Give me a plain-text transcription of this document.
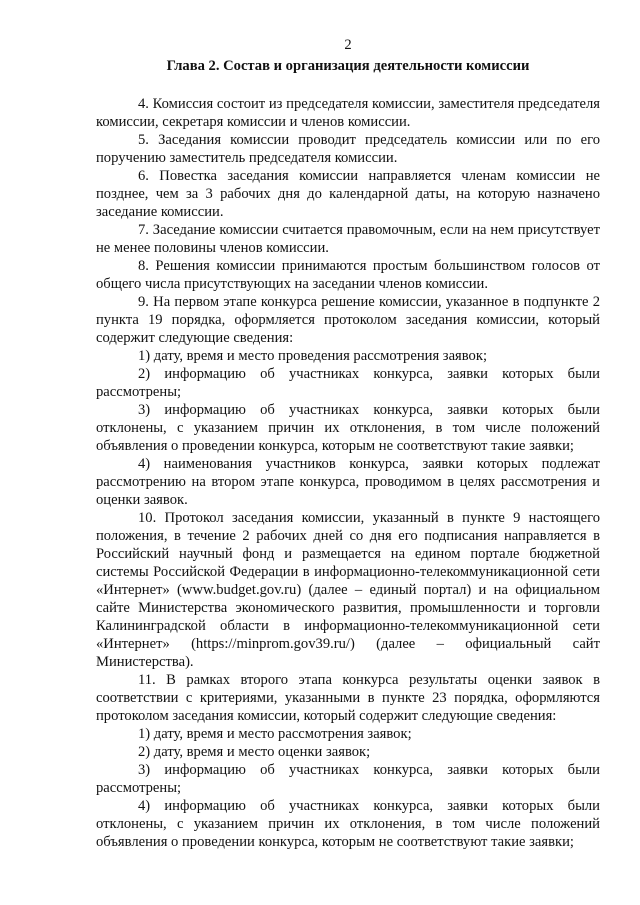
2
Глава 2. Состав и организация деятельности комиссии

4. Комиссия состоит из председателя комиссии, заместителя председателя комиссии, секретаря комиссии и членов комиссии.

5. Заседания комиссии проводит председатель комиссии или по его поручению заместитель председателя комиссии.

6. Повестка заседания комиссии направляется членам комиссии не позднее, чем за 3 рабочих дня до календарной даты, на которую назначено заседание комиссии.

7. Заседание комиссии считается правомочным, если на нем присутствует не менее половины членов комиссии.

8. Решения комиссии принимаются простым большинством голосов от общего числа присутствующих на заседании членов комиссии.

9. На первом этапе конкурса решение комиссии, указанное в подпункте 2 пункта 19 порядка, оформляется протоколом заседания комиссии, который содержит следующие сведения:

1) дату, время и место проведения рассмотрения заявок;

2) информацию об участниках конкурса, заявки которых были рассмотрены;

3) информацию об участниках конкурса, заявки которых были отклонены, с указанием причин их отклонения, в том числе положений объявления о проведении конкурса, которым не соответствуют такие заявки;

4) наименования участников конкурса, заявки которых подлежат рассмотрению на втором этапе конкурса, проводимом в целях рассмотрения и оценки заявок.

10. Протокол заседания комиссии, указанный в пункте 9 настоящего положения, в течение 2 рабочих дней со дня его подписания направляется в Российский научный фонд и размещается на едином портале бюджетной системы Российской Федерации в информационно-телекоммуникационной сети «Интернет» (www.budget.gov.ru) (далее – единый портал) и на официальном сайте Министерства экономического развития, промышленности и торговли Калининградской области в информационно-телекоммуникационной сети «Интернет» (https://minprom.gov39.ru/) (далее – официальный сайт Министерства).

11. В рамках второго этапа конкурса результаты оценки заявок в соответствии с критериями, указанными в пункте 23 порядка, оформляются протоколом заседания комиссии, который содержит следующие сведения:

1) дату, время и место рассмотрения заявок;

2) дату, время и место оценки заявок;

3) информацию об участниках конкурса, заявки которых были рассмотрены;

4) информацию об участниках конкурса, заявки которых были отклонены, с указанием причин их отклонения, в том числе положений объявления о проведении конкурса, которым не соответствуют такие заявки;
